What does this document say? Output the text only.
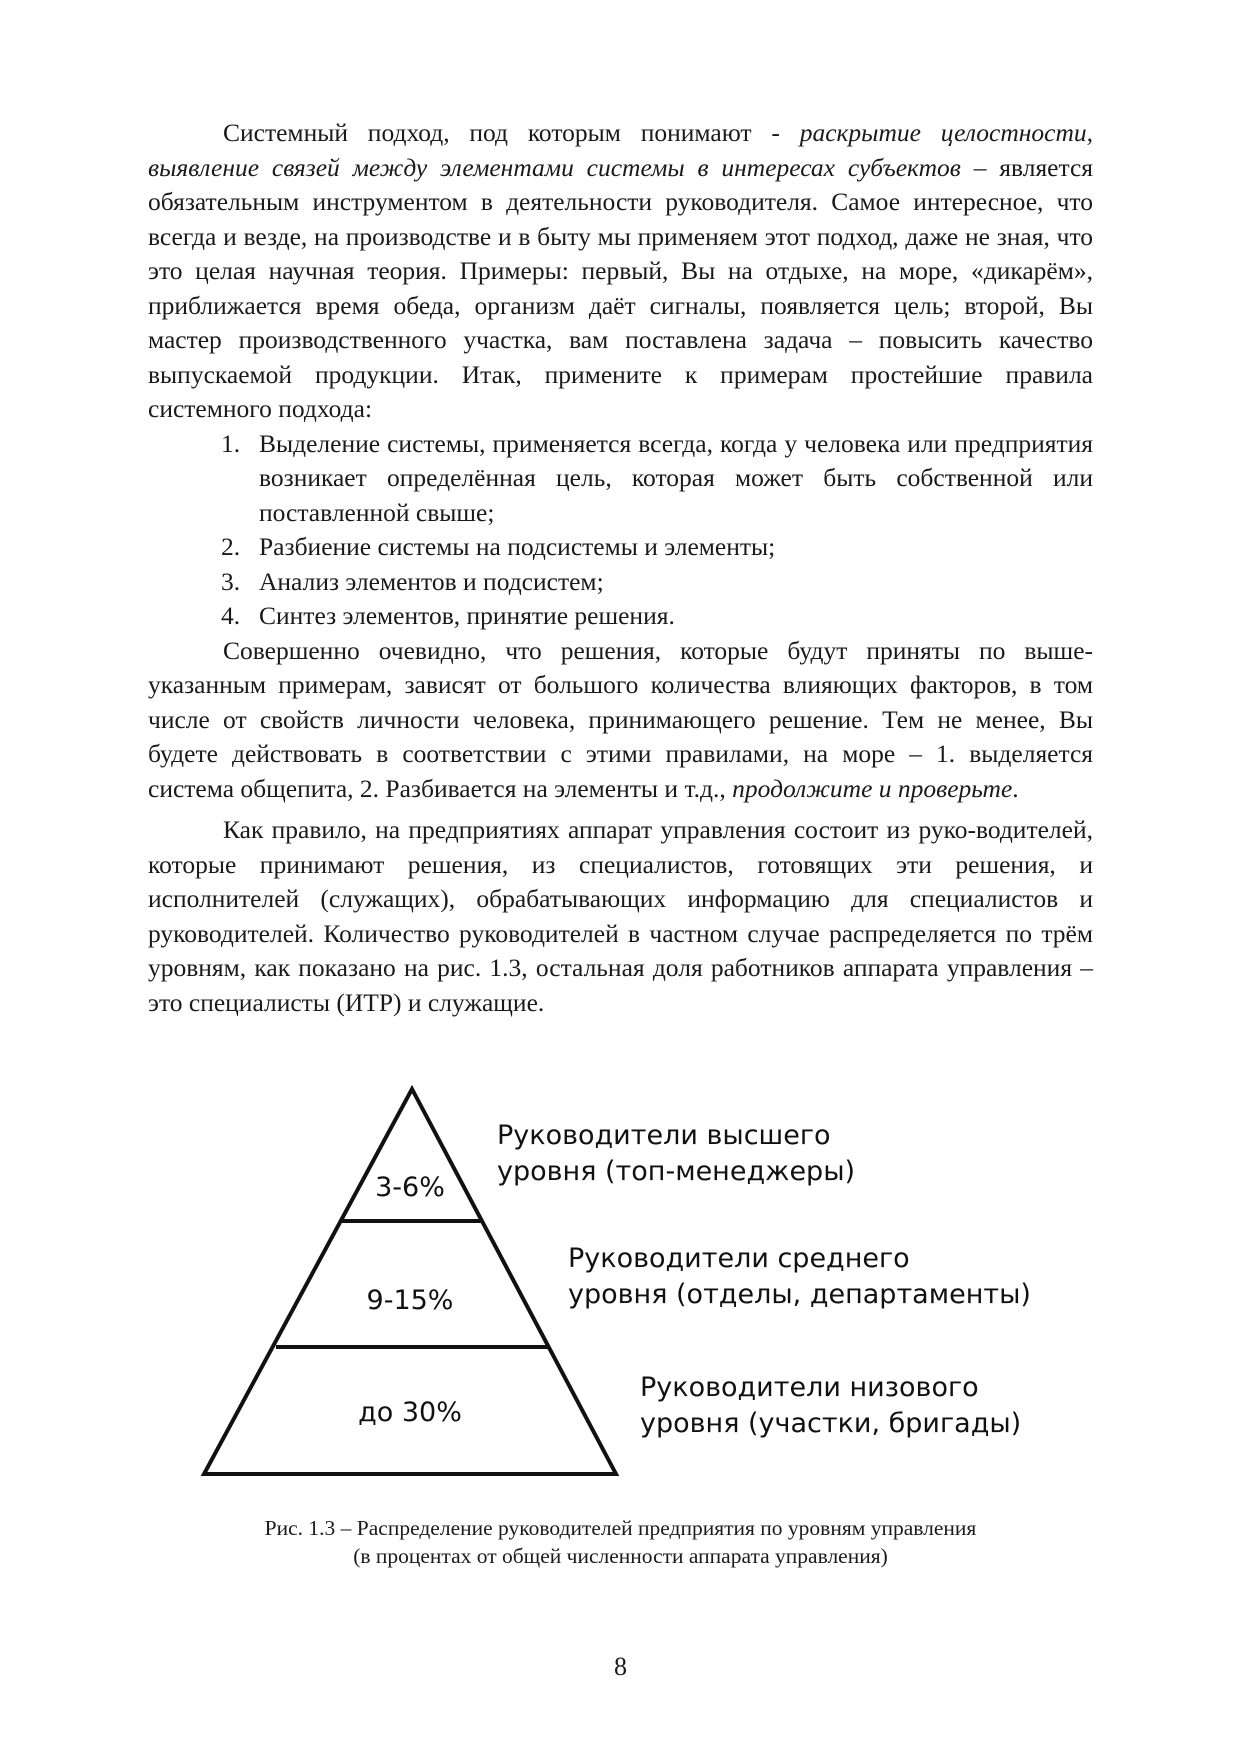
Системный подход, под которым понимают - раскрытие целостности, выявление связей между элементами системы в интересах субъектов – является обязательным инструментом в деятельности руководителя. Самое интересное, что всегда и везде, на производстве и в быту мы применяем этот подход, даже не зная, что это целая научная теория. Примеры: первый, Вы на отдыхе, на море, «дикарём», приближается время обеда, организм даёт сигналы, появляется цель; второй, Вы мастер производственного участка, вам поставлена задача – повысить качество выпускаемой продукции. Итак, примените к примерам простейшие правила системного подхода:

1. Выделение системы, применяется всегда, когда у человека или предприятия возникает определённая цель, которая может быть собственной или поставленной свыше;
2. Разбиение системы на подсистемы и элементы;
3. Анализ элементов и подсистем;
4. Синтез элементов, принятие решения.

Совершенно очевидно, что решения, которые будут приняты по выше-указанным примерам, зависят от большого количества влияющих факторов, в том числе от свойств личности человека, принимающего решение. Тем не менее, Вы будете действовать в соответствии с этими правилами, на море – 1. выделяется система общепита, 2. Разбивается на элементы и т.д., продолжите и проверьте.

Как правило, на предприятиях аппарат управления состоит из руко-водителей, которые принимают решения, из специалистов, готовящих эти решения, и исполнителей (служащих), обрабатывающих информацию для специалистов и руководителей. Количество руководителей в частном случае распределяется по трём уровням, как показано на рис. 1.3, остальная доля работников аппарата управления – это специалисты (ИТР) и служащие.

3-6%
9-15%
до 30%
Руководители высшего
уровня (топ-менеджеры)
Руководители среднего
уровня (отделы, департаменты)
Руководители низового
уровня (участки, бригады)
Рис. 1.3 – Распределение руководителей предприятия по уровням управления
(в процентах от общей численности аппарата управления)
8
